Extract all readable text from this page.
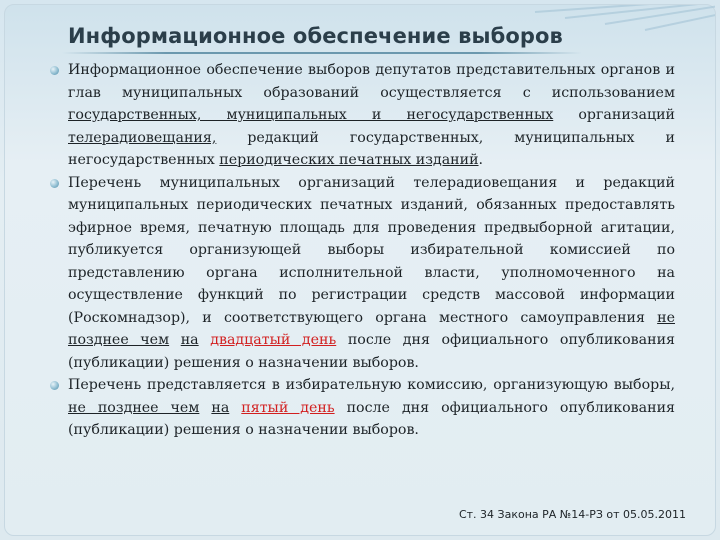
Информационное обеспечение выборов
Информационное обеспечение выборов депутатов представительных органов и глав муниципальных образований осуществляется с использованием государственных, муниципальных и негосударственных организаций телерадиовещания, редакций государственных, муниципальных и негосударственных периодических печатных изданий.
Перечень муниципальных организаций телерадиовещания и редакций муниципальных периодических печатных изданий, обязанных предоставлять эфирное время, печатную площадь для проведения предвыборной агитации, публикуется организующей выборы избирательной комиссией по представлению органа исполнительной власти, уполномоченного на осуществление функций по регистрации средств массовой информации (Роскомнадзор), и соответствующего органа местного самоуправления не позднее чем на двадцатый день после дня официального опубликования (публикации) решения о назначении выборов.
Перечень представляется в избирательную комиссию, организующую выборы, не позднее чем на пятый день после дня официального опубликования (публикации) решения о назначении выборов.
Ст. 34 Закона РА №14-РЗ от 05.05.2011
